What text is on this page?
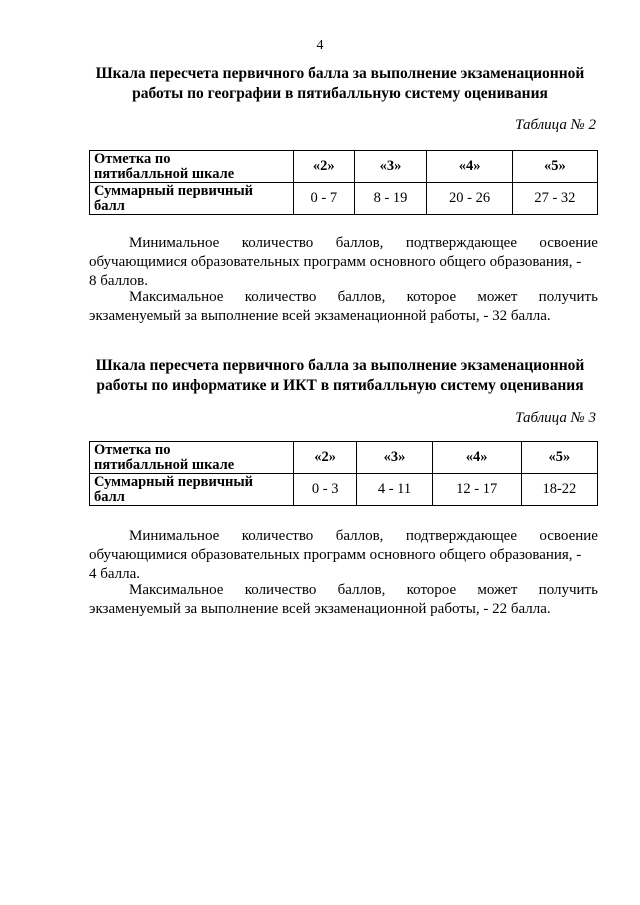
4
Шкала пересчета первичного балла за выполнение экзаменационной
работы по географии в пятибалльную систему оценивания
Таблица № 2
Отметка по
пятибалльной шкале	«2»	«3»	«4»	«5»
Суммарный первичный
балл	0 - 7	8 - 19	20 - 26	27 - 32
Минимальное количество баллов, подтверждающее освоение
обучающимися образовательных программ основного общего образования, -
8 баллов.
Максимальное количество баллов, которое может получить
экзаменуемый за выполнение всей экзаменационной работы, - 32 балла.
Шкала пересчета первичного балла за выполнение экзаменационной
работы по информатике и ИКТ в пятибалльную систему оценивания
Таблица № 3
Отметка по
пятибалльной шкале	«2»	«3»	«4»	«5»
Суммарный первичный
балл	0 - 3	4 - 11	12 - 17	18-22
Минимальное количество баллов, подтверждающее освоение
обучающимися образовательных программ основного общего образования, -
4 балла.
Максимальное количество баллов, которое может получить
экзаменуемый за выполнение всей экзаменационной работы, - 22 балла.
